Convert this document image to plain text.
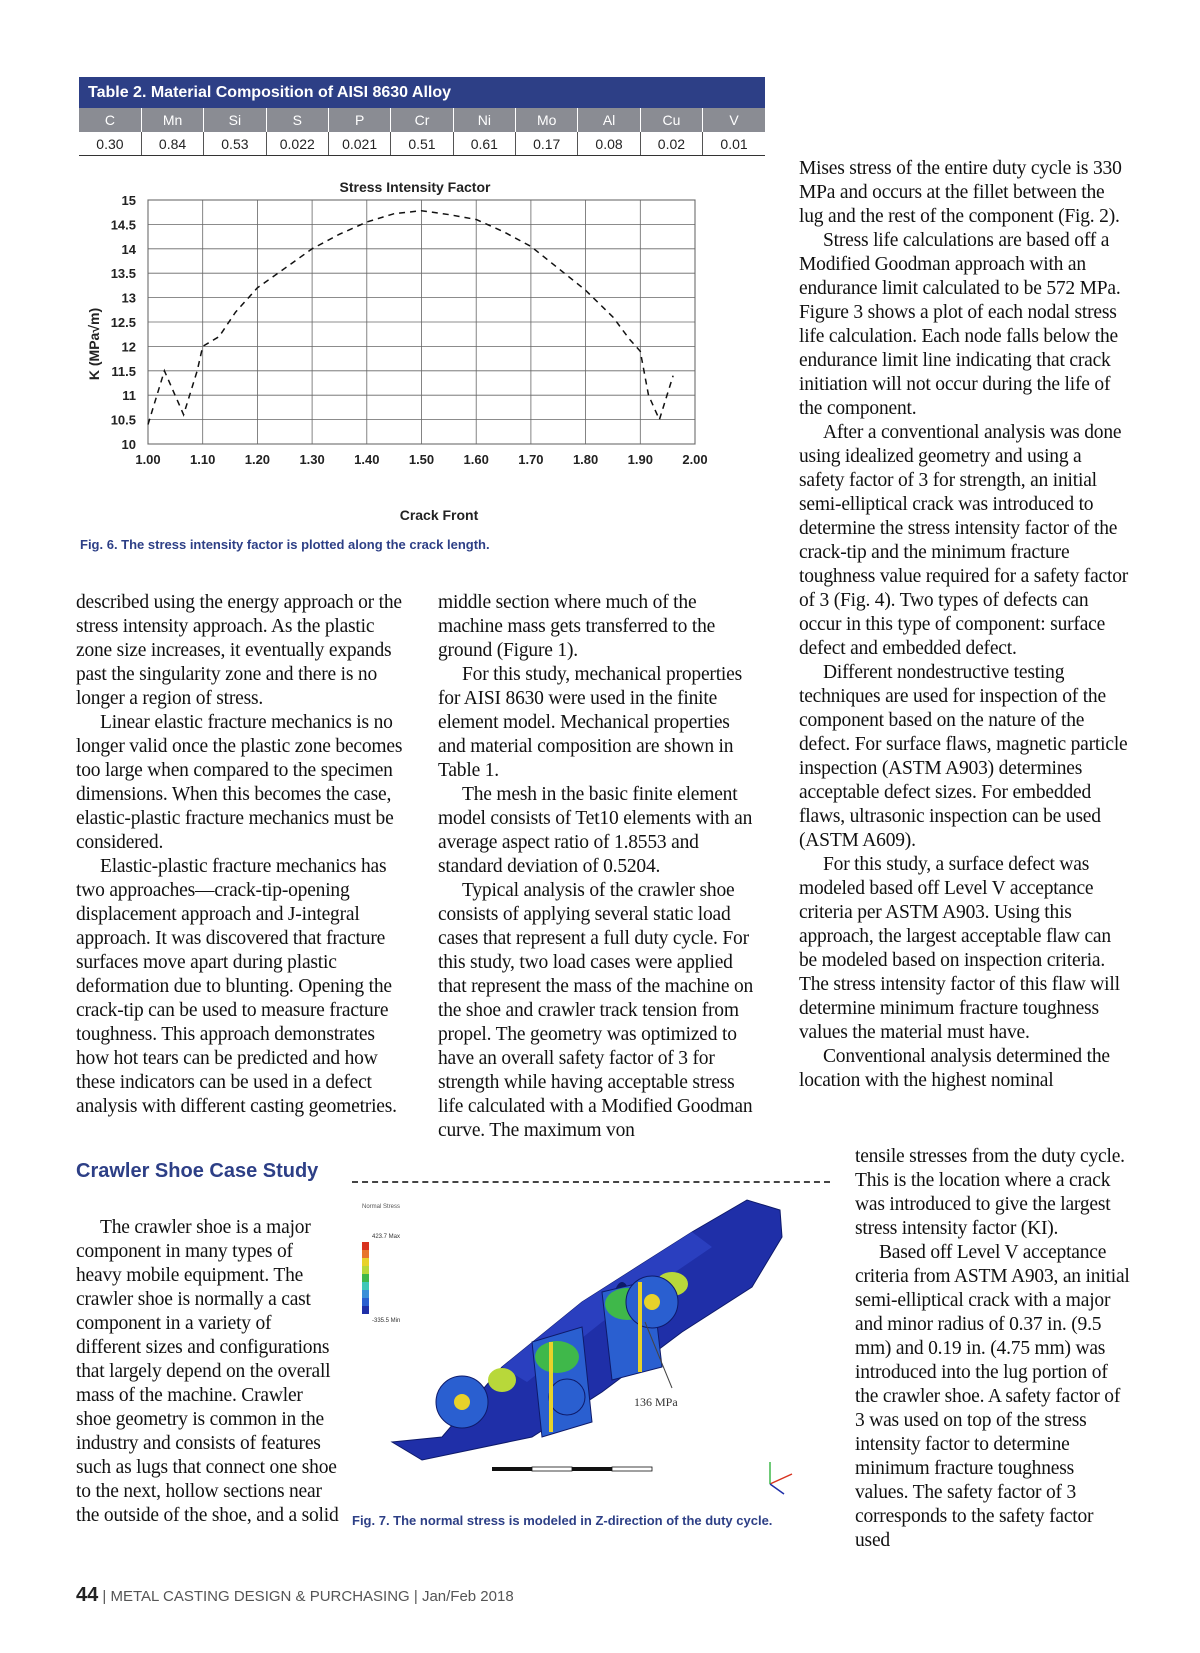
Table 2. Material Composition of AISI 8630 Alloy
C	Mn	Si	S	P	Cr	Ni	Mo	Al	Cu	V
0.30	0.84	0.53	0.022	0.021	0.51	0.61	0.17	0.08	0.02	0.01
1.00 1.10 1.20 1.30 1.40 1.50 1.60 1.70 1.80 1.90 2.00
15
14.5
14
13.5
13
12.5
12
11.5
11
10.5
10
Stress Intensity Factor
Crack Front
K (MPa√m)
Fig. 6. The stress intensity factor is plotted along the crack length.

described using the energy approach or the stress intensity approach. As the plastic zone size increases, it eventually expands past the singularity zone and there is no longer a region of stress.

Linear elastic fracture mechanics is no longer valid once the plastic zone becomes too large when compared to the specimen dimensions. When this becomes the case, elastic-plastic fracture mechanics must be considered.

Elastic-plastic fracture mechanics has two approaches—crack-tip-opening displacement approach and J-integral approach. It was discovered that fracture surfaces move apart during plastic deformation due to blunting. Opening the crack-tip can be used to measure fracture toughness. This approach demonstrates how hot tears can be predicted and how these indicators can be used in a defect analysis with different casting geometries.

Crawler Shoe Case Study

The crawler shoe is a major component in many types of heavy mobile equipment. The crawler shoe is normally a cast component in a variety of different sizes and configurations that largely depend on the overall mass of the machine. Crawler shoe geometry is common in the industry and consists of features such as lugs that connect one shoe to the next, hollow sections near the outside of the shoe, and a solid

middle section where much of the machine mass gets transferred to the ground (Figure 1).

For this study, mechanical properties for AISI 8630 were used in the finite element model. Mechanical properties and material composition are shown in Table 1.

The mesh in the basic finite element model consists of Tet10 elements with an average aspect ratio of 1.8553 and standard deviation of 0.5204.

Typical analysis of the crawler shoe consists of applying several static load cases that represent a full duty cycle. For this study, two load cases were applied that represent the mass of the machine on the shoe and crawler track tension from propel. The geometry was optimized to have an overall safety factor of 3 for strength while having acceptable stress life calculated with a Modified Goodman curve. The maximum von

Mises stress of the entire duty cycle is 330 MPa and occurs at the fillet between the lug and the rest of the component (Fig. 2).

Stress life calculations are based off a Modified Goodman approach with an endurance limit calculated to be 572 MPa. Figure 3 shows a plot of each nodal stress life calculation. Each node falls below the endurance limit line indicating that crack initiation will not occur during the life of the component.

After a conventional analysis was done using idealized geometry and using a safety factor of 3 for strength, an initial semi-elliptical crack was introduced to determine the stress intensity factor of the crack-tip and the minimum fracture toughness value required for a safety factor of 3 (Fig. 4). Two types of defects can occur in this type of component: surface defect and embedded defect.

Different nondestructive testing techniques are used for inspection of the component based on the nature of the defect. For surface flaws, magnetic particle inspection (ASTM A903) determines acceptable defect sizes. For embedded flaws, ultrasonic inspection can be used (ASTM A609).

For this study, a surface defect was modeled based off Level V acceptance criteria per ASTM A903. Using this approach, the largest acceptable flaw can be modeled based on inspection criteria. The stress intensity factor of this flaw will determine minimum fracture toughness values the material must have.

Conventional analysis determined the location with the highest nominal

tensile stresses from the duty cycle. This is the location where a crack was introduced to give the largest stress intensity factor (KI).

Based off Level V acceptance criteria from ASTM A903, an initial semi-elliptical crack with a major and minor radius of 0.37 in. (9.5 mm) and 0.19 in. (4.75 mm) was introduced into the lug portion of the crawler shoe. A safety factor of 3 was used on top of the stress intensity factor to determine minimum fracture toughness values. The safety factor of 3 corresponds to the safety factor used

Normal Stress
423.7 Max
-335.5 Min
136 MPa
Fig. 7. The normal stress is modeled in Z-direction of the duty cycle.
44 | METAL CASTING DESIGN & PURCHASING | Jan/Feb 2018
